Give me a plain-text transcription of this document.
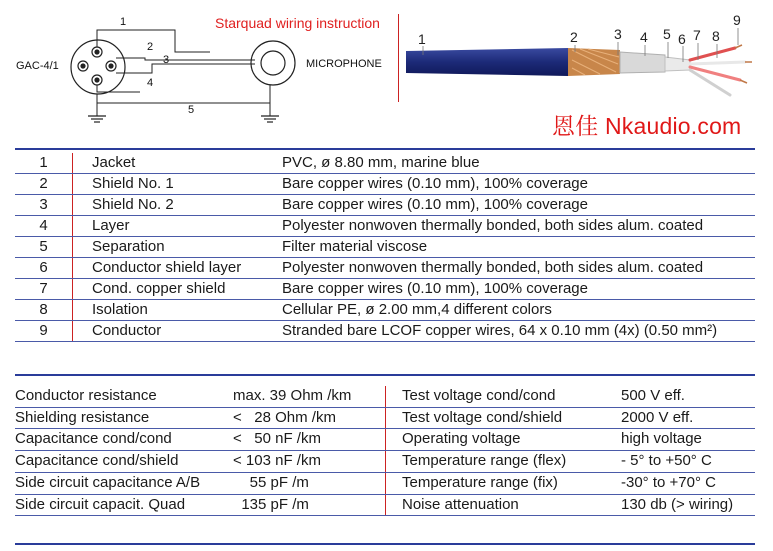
GAC-4/1	MICROPHONE
1
2
3
4
5
Starquad wiring instruction
1	2	3 4 5 6 7 8
9
恩佳 Nkaudio.com
1	Jacket	PVC, ø 8.80 mm, marine blue
2	Shield No. 1	Bare copper wires (0.10 mm), 100% coverage
3	Shield No. 2	Bare copper wires (0.10 mm), 100% coverage
4	Layer	Polyester nonwoven thermally bonded, both sides alum. coated
5	Separation	Filter material viscose
6	Conductor shield layer	Polyester nonwoven thermally bonded, both sides alum. coated
7	Cond. copper shield	Bare copper wires (0.10 mm), 100% coverage
8	Isolation	Cellular PE, ø 2.00 mm,4 different colors
9	Conductor	Stranded bare LCOF copper wires, 64 x 0.10 mm (4x) (0.50 mm²)
Conductor resistance	max. 39 Ohm /km	Test voltage cond/cond	500 V eff.
Shielding resistance	<   28 Ohm /km	Test voltage cond/shield	2000 V eff.
Capacitance cond/cond	<   50 nF /km	Operating voltage	high voltage
Capacitance cond/shield	< 103 nF /km	Temperature range (flex)	- 5° to +50° C
Side circuit capacitance A/B	55 pF /m	Temperature range (fix)	-30° to +70° C
Side circuit capacit. Quad	135 pF /m	Noise attenuation	130 db (> wiring)
